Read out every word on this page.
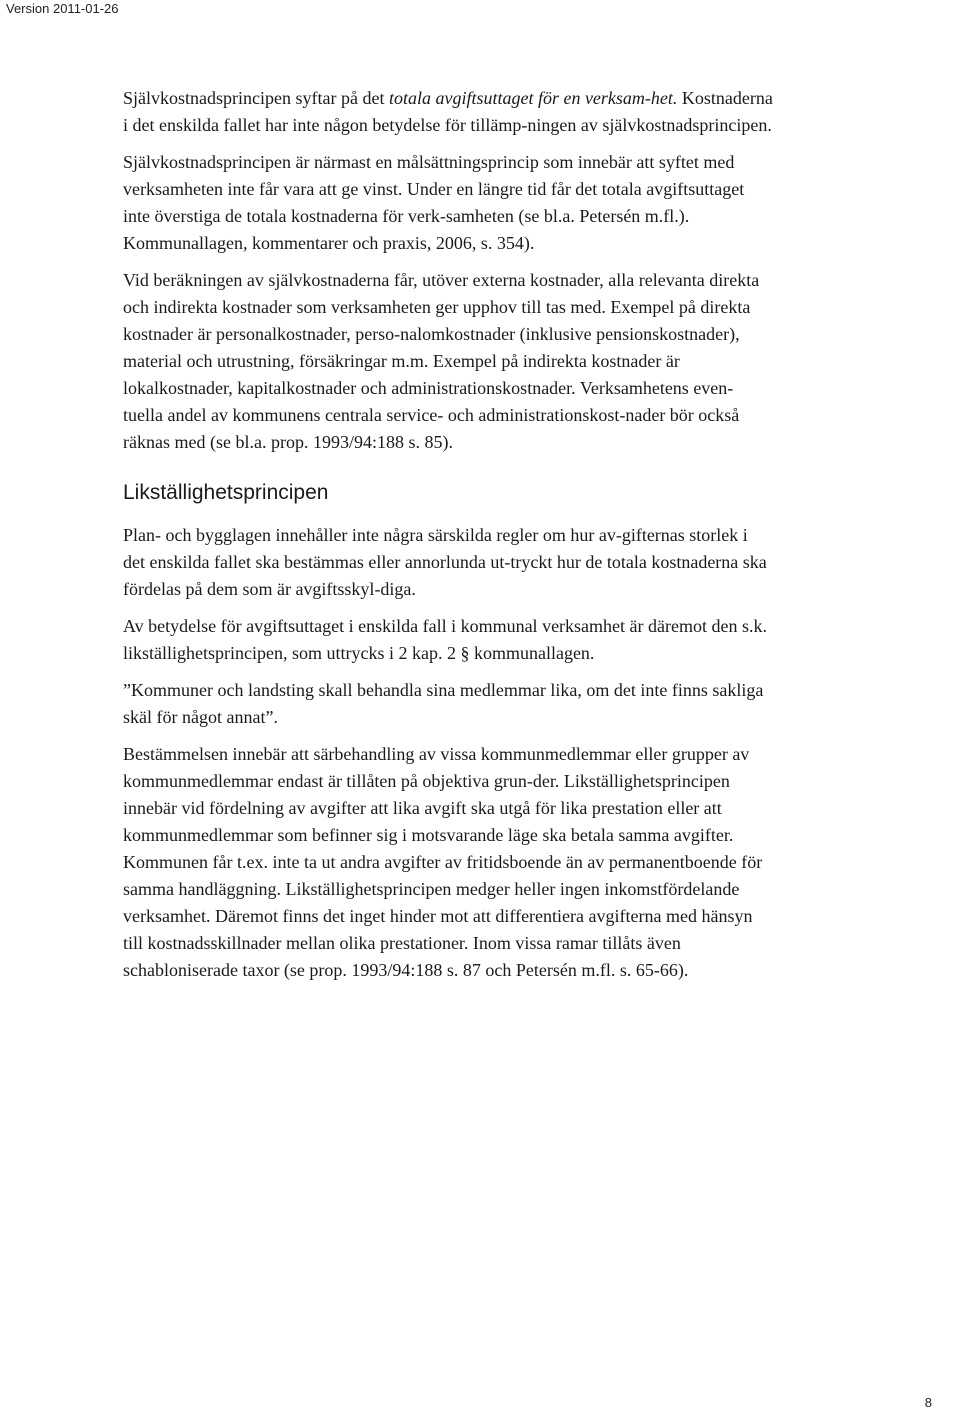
Version 2011-01-26

Självkostnadsprincipen syftar på det totala avgiftsuttaget för en verksam-het. Kostnaderna i det enskilda fallet har inte någon betydelse för tillämp-ningen av självkostnadsprincipen.

Självkostnadsprincipen är närmast en målsättningsprincip som innebär att syftet med verksamheten inte får vara att ge vinst. Under en längre tid får det totala avgiftsuttaget inte överstiga de totala kostnaderna för verk-samheten (se bl.a. Petersén m.fl.). Kommunallagen, kommentarer och praxis, 2006, s. 354).

Vid beräkningen av självkostnaderna får, utöver externa kostnader, alla relevanta direkta och indirekta kostnader som verksamheten ger upphov till tas med. Exempel på direkta kostnader är personalkostnader, perso-nalomkostnader (inklusive pensionskostnader), material och utrustning, försäkringar m.m. Exempel på indirekta kostnader är lokalkostnader, kapitalkostnader och administrationskostnader. Verksamhetens even-tuella andel av kommunens centrala service- och administrationskost-nader bör också räknas med (se bl.a. prop. 1993/94:188 s. 85).

Likställighetsprincipen

Plan- och bygglagen innehåller inte några särskilda regler om hur av-gifternas storlek i det enskilda fallet ska bestämmas eller annorlunda ut-tryckt hur de totala kostnaderna ska fördelas på dem som är avgiftsskyl-diga.

Av betydelse för avgiftsuttaget i enskilda fall i kommunal verksamhet är däremot den s.k. likställighetsprincipen, som uttrycks i 2 kap. 2 § kommunallagen.

”Kommuner och landsting skall behandla sina medlemmar lika, om det inte finns sakliga skäl för något annat”.

Bestämmelsen innebär att särbehandling av vissa kommunmedlemmar eller grupper av kommunmedlemmar endast är tillåten på objektiva grun-der. Likställighetsprincipen innebär vid fördelning av avgifter att lika avgift ska utgå för lika prestation eller att kommunmedlemmar som befinner sig i motsvarande läge ska betala samma avgifter. Kommunen får t.ex. inte ta ut andra avgifter av fritidsboende än av permanentboende för samma handläggning. Likställighetsprincipen medger heller ingen inkomstfördelande verksamhet. Däremot finns det inget hinder mot att differentiera avgifterna med hänsyn till kostnadsskillnader mellan olika prestationer. Inom vissa ramar tillåts även schabloniserade taxor (se prop. 1993/94:188 s. 87 och Petersén m.fl. s. 65-66).

8
